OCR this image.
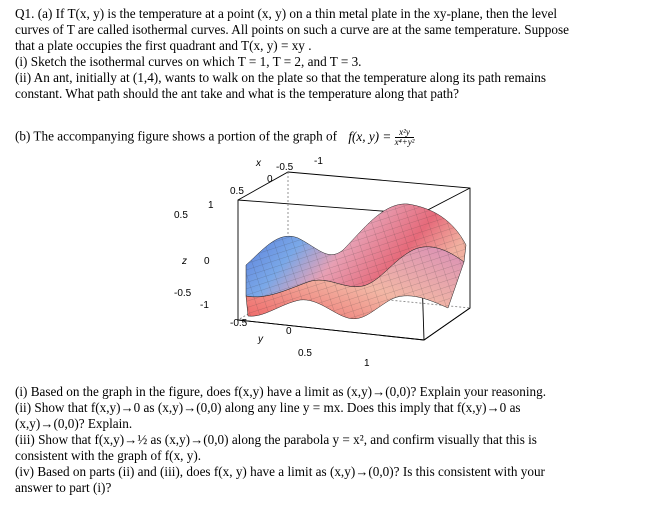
Q1. (a) If T(x, y) is the temperature at a point (x, y) on a thin metal plate in the xy-plane, then the level
curves of T are called isothermal curves. All points on such a curve are at the same temperature. Suppose
that a plate occupies the first quadrant and T(x, y) = xy .
(i) Sketch the isothermal curves on which T = 1, T = 2, and T = 3.
(ii) An ant, initially at (1,4), wants to walk on the plate so that the temperature along its path remains
constant. What path should the ant take and what is the temperature along that path?
(b) The accompanying figure shows a portion of the graph of f(x, $y) = \frac{\text{x²y}}{\text{x⁴+y²}}$
x -0.5
0
0.5
-1
1
0.5
z 0
-0.5
-1
-0.5
0
y
0.5
1
(i) Based on the graph in the figure, does f(x,y) have a limit as (x,y)→(0,0)? Explain your reasoning.
(ii) Show that f(x,y)→0 as (x,y)→(0,0) along any line y = mx. Does this imply that f(x,y)→0 as
(x,y)→(0,0)? Explain.
(iii) Show that f(x,y)→½ as (x,y)→(0,0) along the parabola y = x², and confirm visually that this is
consistent with the graph of f(x, y).
(iv) Based on parts (ii) and (iii), does f(x, y) have a limit as (x,y)→(0,0)? Is this consistent with your
answer to part (i)?
